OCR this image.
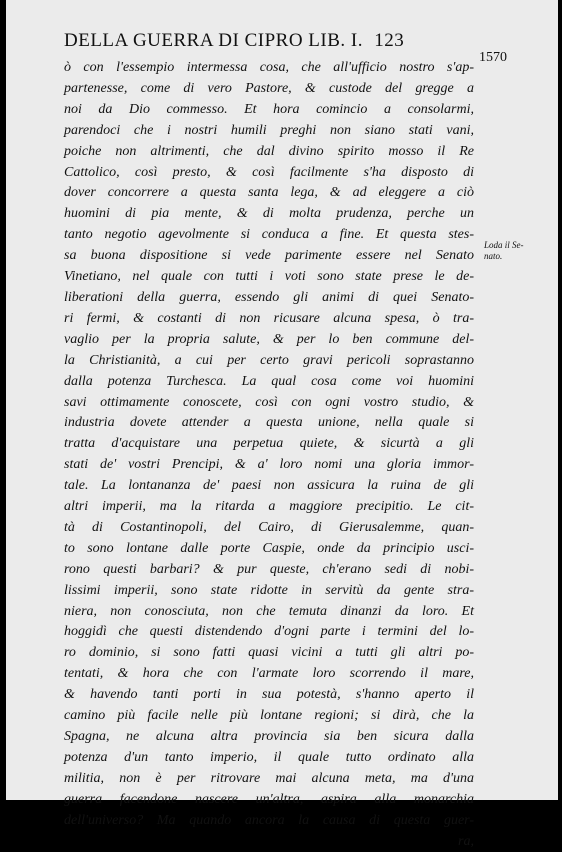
DELLA GUERRA DI CIPRO LIB. I. 123
1570
Loda il Se-
nato.
ò con l'essempio intermessa cosa, che all'ufficio nostro s'ap-
partenesse, come di vero Pastore, & custode del gregge a
noi da Dio commesso. Et hora comincio a consolarmi,
parendoci che i nostri humili preghi non siano stati vani,
poiche non altrimenti, che dal divino spirito mosso il Re
Cattolico, così presto, & così facilmente s'ha disposto di
dover concorrere a questa santa lega, & ad eleggere a ciò
huomini di pia mente, & di molta prudenza, perche un
tanto negotio agevolmente si conduca a fine. Et questa stes-
sa buona dispositione si vede parimente essere nel Senato
Vinetiano, nel quale con tutti i voti sono state prese le de-
liberationi della guerra, essendo gli animi di quei Senato-
ri fermi, & costanti di non ricusare alcuna spesa, ò tra-
vaglio per la propria salute, & per lo ben commune del-
la Christianità, a cui per certo gravi pericoli soprastanno
dalla potenza Turchesca. La qual cosa come voi huomini
savi ottimamente conoscete, così con ogni vostro studio, &
industria dovete attender a questa unione, nella quale si
tratta d'acquistare una perpetua quiete, & sicurtà a gli
stati de' vostri Prencipi, & a' loro nomi una gloria immor-
tale. La lontananza de' paesi non assicura la ruina de gli
altri imperii, ma la ritarda a maggiore precipitio. Le cit-
tà di Costantinopoli, del Cairo, di Gierusalemme, quan-
to sono lontane dalle porte Caspie, onde da principio usci-
rono questi barbari? & pur queste, ch'erano sedi di nobi-
lissimi imperii, sono state ridotte in servitù da gente stra-
niera, non conosciuta, non che temuta dinanzi da loro. Et
hoggidì che questi distendendo d'ogni parte i termini del lo-
ro dominio, si sono fatti quasi vicini a tutti gli altri po-
tentati, & hora che con l'armate loro scorrendo il mare,
& havendo tanti porti in sua potestà, s'hanno aperto il
camino più facile nelle più lontane regioni; si dirà, che la
Spagna, ne alcuna altra provincia sia ben sicura dalla
potenza d'un tanto imperio, il quale tutto ordinato alla
militia, non è per ritrovare mai alcuna meta, ma d'una
guerra facendone nascere un'altra, aspira alla monarchia
dell'universo? Ma quando ancora la causa di questa guer-
ra,
